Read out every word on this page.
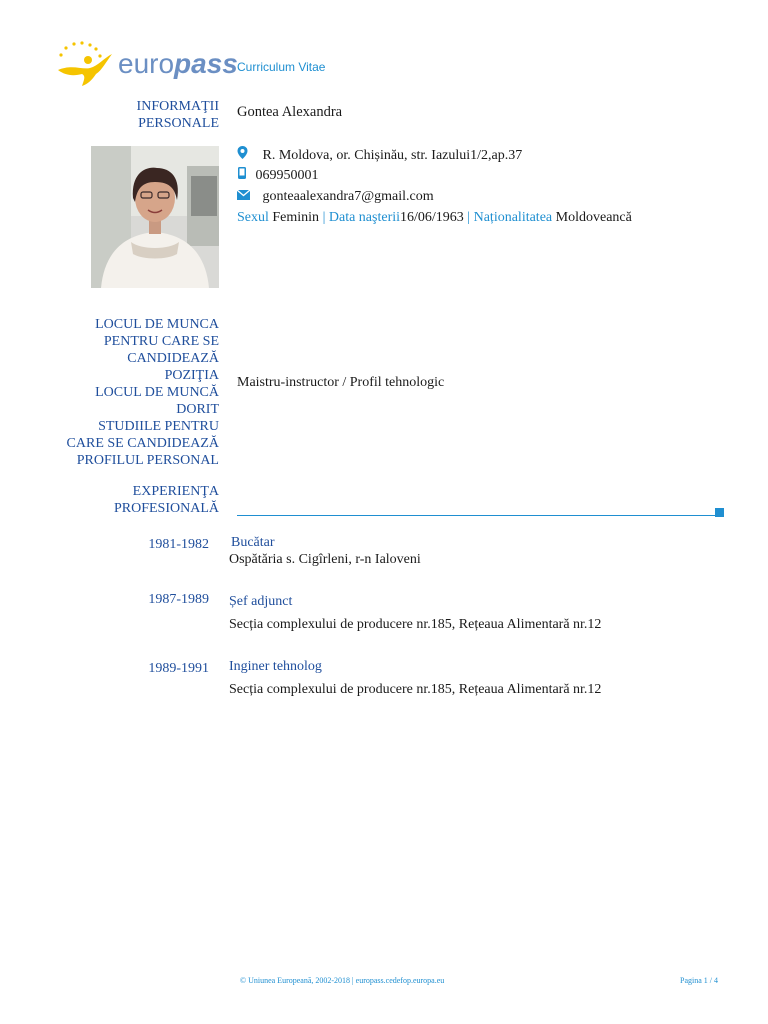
europass Curriculum Vitae
INFORMAŢII
PERSONALE
Gontea Alexandra
R. Moldova, or. Chișinău, str. Iazului1/2,ap.37
069950001
gonteaalexandra7@gmail.com
Sexul Feminin | Data naşterii16/06/1963 | Naționalitatea Moldoveancă
LOCUL DE MUNCA
PENTRU CARE SE
CANDIDEAZĂ
POZIŢIA
LOCUL DE MUNCĂ
DORIT
STUDIILE PENTRU
CARE SE CANDIDEAZĂ
PROFILUL PERSONAL
Maistru-instructor / Profil tehnologic
EXPERIENŢA
PROFESIONALĂ
1981-1982 Bucătar
Ospătăria s. Cigîrleni, r-n Ialoveni
1987-1989 Șef adjunct
Secția complexului de producere nr.185, Rețeaua Alimentară nr.12
1989-1991 Inginer tehnolog
Secția complexului de producere nr.185, Rețeaua Alimentară nr.12
© Uniunea Europeană, 2002-2018 | europass.cedefop.europa.eu	Pagina 1 / 4
